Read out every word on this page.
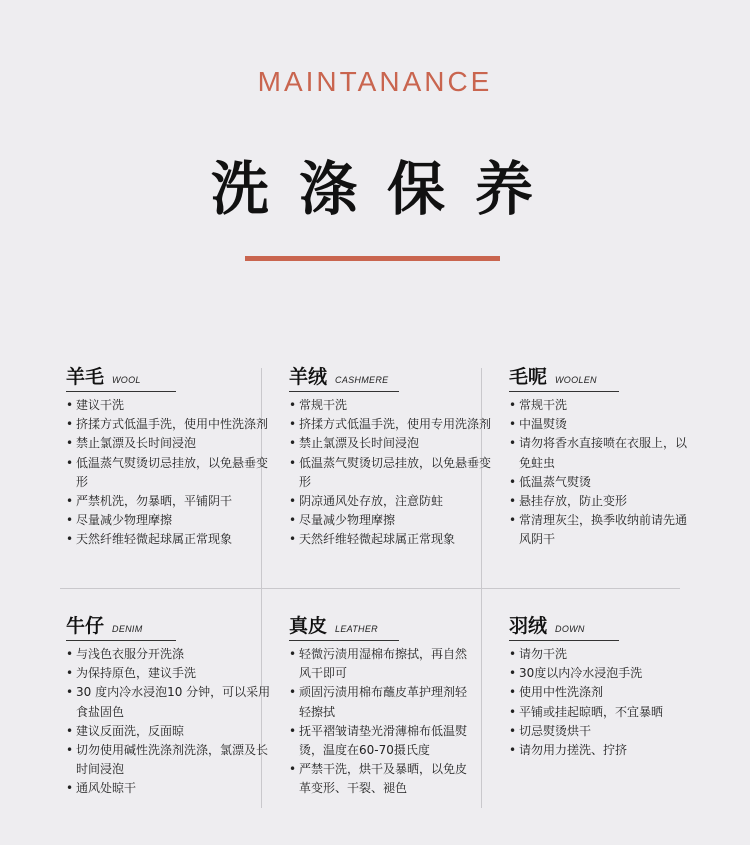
MAINTANANCE
洗涤保养
羊毛 WOOL
• 建议干洗
• 挤揉方式低温手洗，使用中性洗涤剂
• 禁止氯漂及长时间浸泡
• 低温蒸气熨烫切忌挂放，以免悬垂变形
• 严禁机洗，勿暴晒，平铺阴干
• 尽量减少物理摩擦
• 天然纤维轻微起球属正常现象
羊绒 CASHMERE
• 常规干洗
• 挤揉方式低温手洗，使用专用洗涤剂
• 禁止氯漂及长时间浸泡
• 低温蒸气熨烫切忌挂放，以免悬垂变形
• 阴凉通风处存放，注意防蛀
• 尽量减少物理摩擦
• 天然纤维轻微起球属正常现象
毛呢 WOOLEN
• 常规干洗
• 中温熨烫
• 请勿将香水直接喷在衣服上，以免蛀虫
• 低温蒸气熨烫
• 悬挂存放，防止变形
• 常清理灰尘，换季收纳前请先通风阴干
牛仔 DENIM
• 与浅色衣服分开洗涤
• 为保持原色，建议手洗
• 30 度内冷水浸泡10 分钟，可以采用食盐固色
• 建议反面洗，反面晾
• 切勿使用碱性洗涤剂洗涤，氯漂及长时间浸泡
• 通风处晾干
真皮 LEATHER
• 轻微污渍用湿棉布擦拭，再自然风干即可
• 顽固污渍用棉布蘸皮革护理剂轻轻擦拭
• 抚平褶皱请垫光滑薄棉布低温熨烫，温度在60-70摄氏度
• 严禁干洗，烘干及暴晒，以免皮革变形、干裂、褪色
羽绒 DOWN
• 请勿干洗
• 30度以内冷水浸泡手洗
• 使用中性洗涤剂
• 平铺或挂起晾晒，不宜暴晒
• 切忌熨烫烘干
• 请勿用力搓洗、拧挤
